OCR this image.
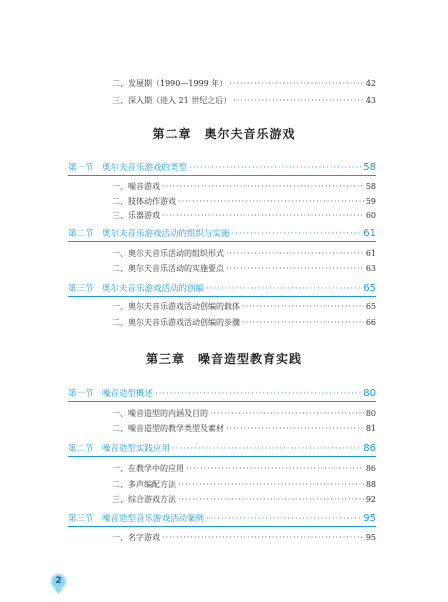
二、发展期（1990—1999 年） ·····	42
三、深入期（进入 21 世纪之后） ·····	43
第二章　奥尔夫音乐游戏
第一节 奥尔夫音乐游戏的类型 ·····	58
一、噪音游戏 ·····	58
二、肢体动作游戏 ·····	59
三、乐器游戏 ·····	60
第二节 奥尔夫音乐游戏活动的组织与实施 ·····	61
一、奥尔夫音乐活动的组织形式 ·····	61
二、奥尔夫音乐活动的实施要点 ·····	63
第三节 奥尔夫音乐游戏活动的创编 ·····	65
一、奥尔夫音乐游戏活动创编的载体 ·····	65
二、奥尔夫音乐游戏活动创编的步骤 ·····	66
第三章　噪音造型教育实践
第一节 噪音造型概述 ·····	80
一、噪音造型的内涵及目的 ·····	80
二、噪音造型的教学类型及素材 ·····	81
第二节 噪音造型实践应用 ·····	86
一、在教学中的应用 ·····	86
二、多声编配方法 ·····	88
三、综合游戏方法 ·····	92
第三节 噪音造型音乐游戏活动案例 ·····	95
一、名字游戏 ·····	95
2
